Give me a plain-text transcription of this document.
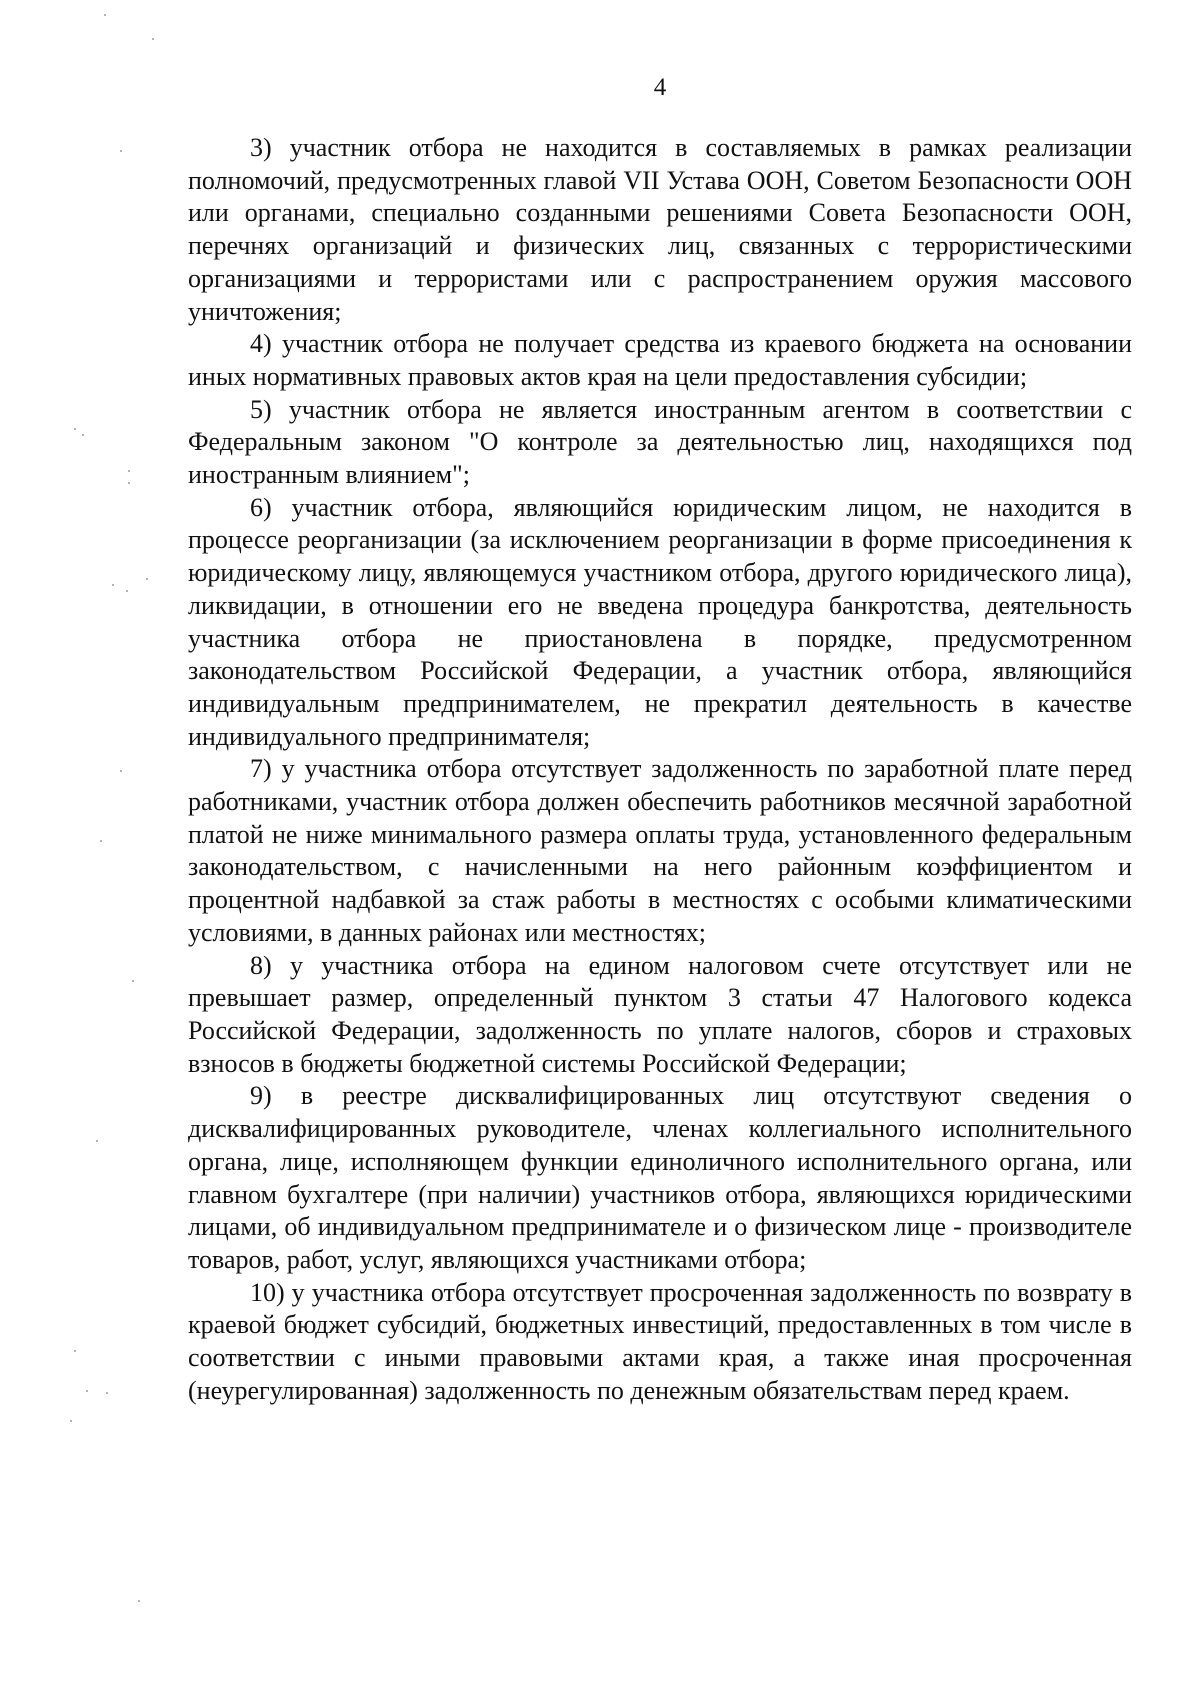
4

3) участник отбора не находится в составляемых в рамках реализации полномочий, предусмотренных главой VII Устава ООН, Советом Безопасности ООН или органами, специально созданными решениями Совета Безопасности ООН, перечнях организаций и физических лиц, связанных с террористическими организациями и террористами или с распространением оружия массового уничтожения;

4) участник отбора не получает средства из краевого бюджета на основании иных нормативных правовых актов края на цели предоставления субсидии;

5) участник отбора не является иностранным агентом в соответствии с Федеральным законом "О контроле за деятельностью лиц, находящихся под иностранным влиянием";

6) участник отбора, являющийся юридическим лицом, не находится в процессе реорганизации (за исключением реорганизации в форме присоединения к юридическому лицу, являющемуся участником отбора, другого юридического лица), ликвидации, в отношении его не введена процедура банкротства, деятельность участника отбора не приостановлена в порядке, предусмотренном законодательством Российской Федерации, а участник отбора, являющийся индивидуальным предпринимателем, не прекратил деятельность в качестве индивидуального предпринимателя;

7) у участника отбора отсутствует задолженность по заработной плате перед работниками, участник отбора должен обеспечить работников месячной заработной платой не ниже минимального размера оплаты труда, установленного федеральным законодательством, с начисленными на него районным коэффициентом и процентной надбавкой за стаж работы в местностях с особыми климатическими условиями, в данных районах или местностях;

8) у участника отбора на едином налоговом счете отсутствует или не превышает размер, определенный пунктом 3 статьи 47 Налогового кодекса Российской Федерации, задолженность по уплате налогов, сборов и страховых взносов в бюджеты бюджетной системы Российской Федерации;

9) в реестре дисквалифицированных лиц отсутствуют сведения о дисквалифицированных руководителе, членах коллегиального исполнительного органа, лице, исполняющем функции единоличного исполнительного органа, или главном бухгалтере (при наличии) участников отбора, являющихся юридическими лицами, об индивидуальном предпринимателе и о физическом лице - производителе товаров, работ, услуг, являющихся участниками отбора;

10) у участника отбора отсутствует просроченная задолженность по возврату в краевой бюджет субсидий, бюджетных инвестиций, предоставленных в том числе в соответствии с иными правовыми актами края, а также иная просроченная (неурегулированная) задолженность по денежным обязательствам перед краем.
